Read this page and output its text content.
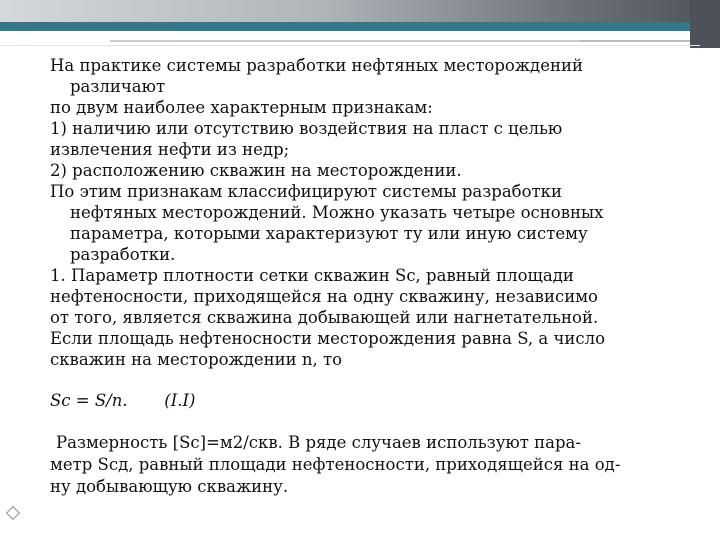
На практике системы разработки нефтяных месторождений

различают

по двум наиболее характерным признакам:

1) наличию или отсутствию воздействия на пласт с целью

извлечения нефти из недр;

2) расположению скважин на месторождении.

По этим признакам классифицируют системы разработки

нефтяных месторождений. Можно указать четыре основных

параметра, которыми характеризуют ту или иную систему

разработки.

1. Параметр плотности сетки скважин Sc, равный площади

нефтеносности, приходящейся на одну скважину, независимо

от того, является скважина добывающей или нагнетательной.

Если площадь нефтеносности месторождения равна S, а число

скважин на месторождении n, то

Sc = S/n.       (I.I)

Размерность [Sc]=м2/скв. В ряде случаев используют пара-

метр Sсд, равный площади нефтеносности, приходящейся на од-

ну добывающую скважину.
